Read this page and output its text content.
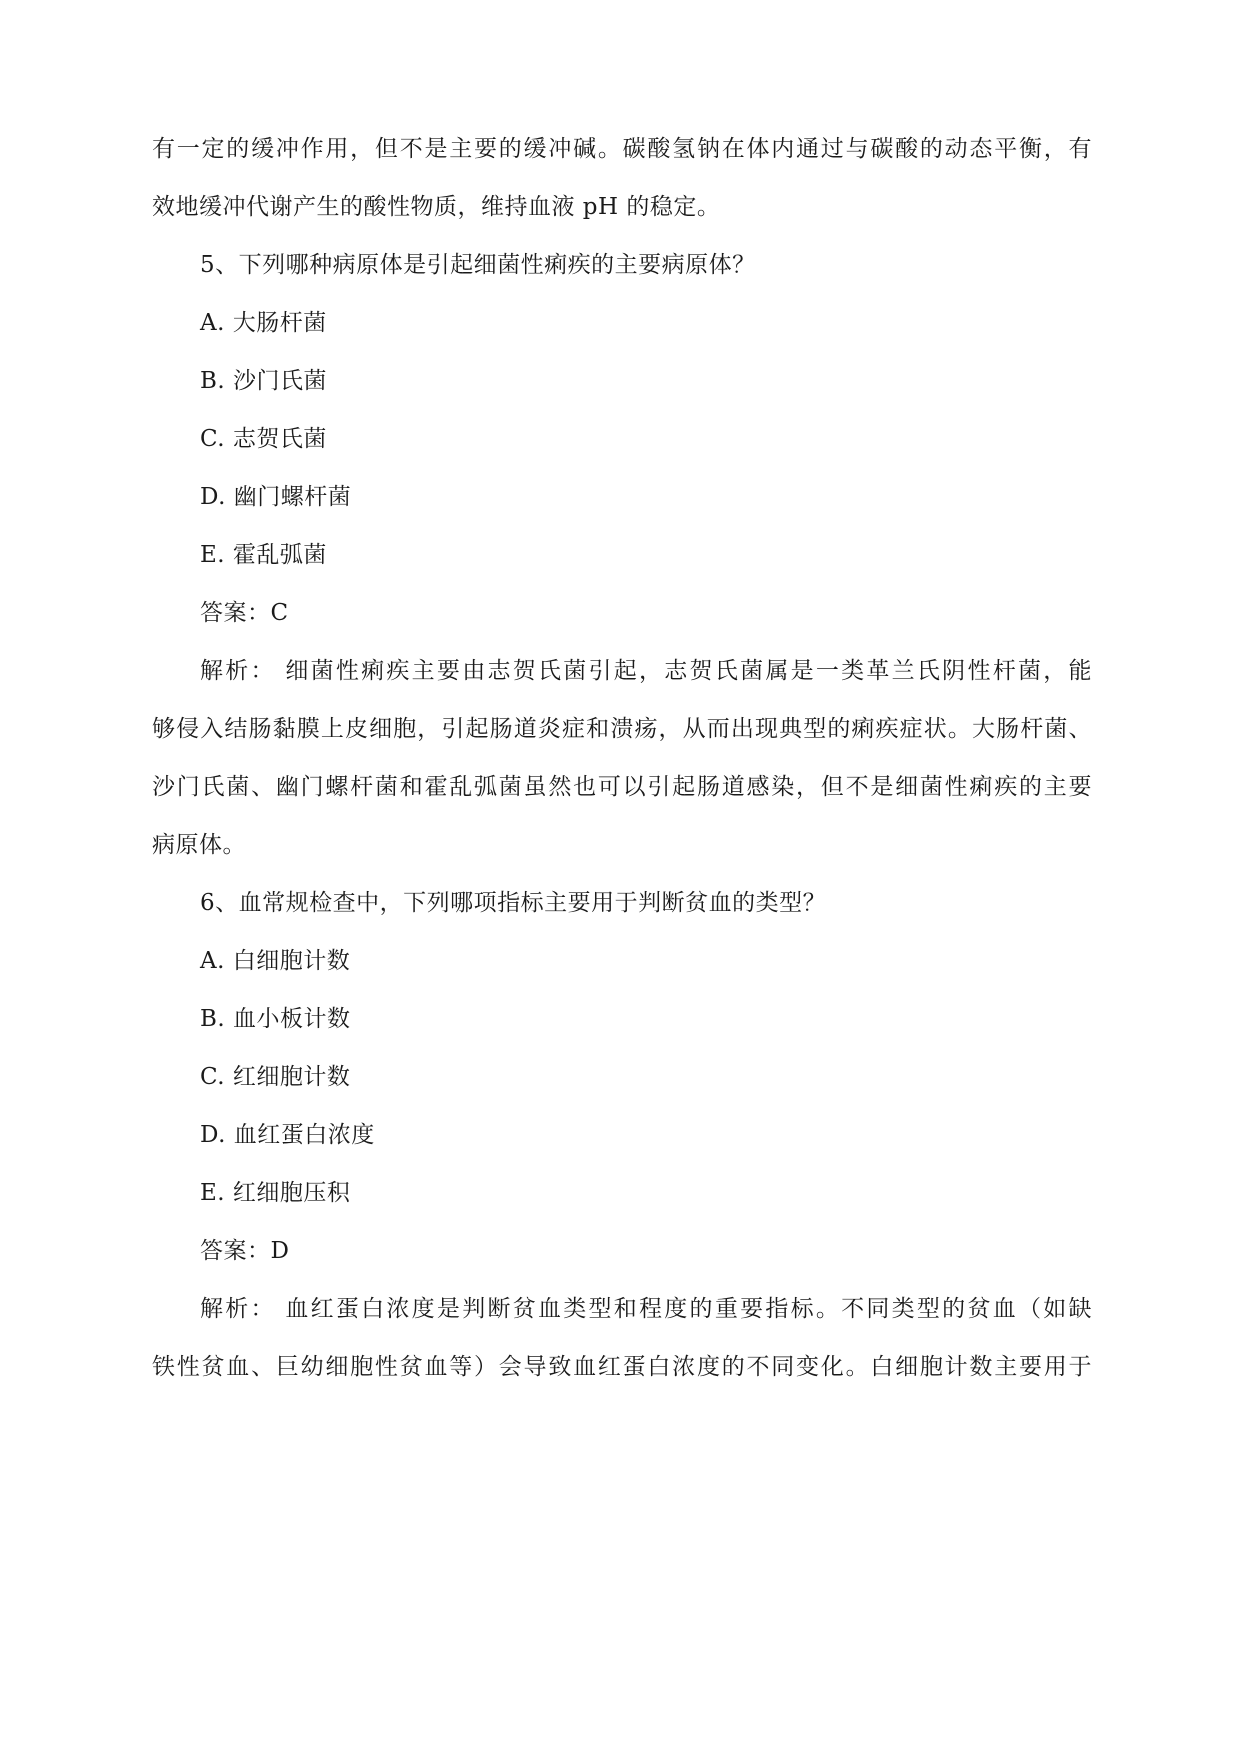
有一定的缓冲作用，但不是主要的缓冲碱。碳酸氢钠在体内通过与碳酸的动态平衡，有
效地缓冲代谢产生的酸性物质，维持血液 pH 的稳定。
5、下列哪种病原体是引起细菌性痢疾的主要病原体？
A. 大肠杆菌
B. 沙门氏菌
C. 志贺氏菌
D. 幽门螺杆菌
E. 霍乱弧菌
答案：C
解析： 细菌性痢疾主要由志贺氏菌引起，志贺氏菌属是一类革兰氏阴性杆菌，能
够侵入结肠黏膜上皮细胞，引起肠道炎症和溃疡，从而出现典型的痢疾症状。大肠杆菌、
沙门氏菌、幽门螺杆菌和霍乱弧菌虽然也可以引起肠道感染，但不是细菌性痢疾的主要
病原体。
6、血常规检查中，下列哪项指标主要用于判断贫血的类型？
A. 白细胞计数
B. 血小板计数
C. 红细胞计数
D. 血红蛋白浓度
E. 红细胞压积
答案：D
解析： 血红蛋白浓度是判断贫血类型和程度的重要指标。不同类型的贫血（如缺
铁性贫血、巨幼细胞性贫血等）会导致血红蛋白浓度的不同变化。白细胞计数主要用于
